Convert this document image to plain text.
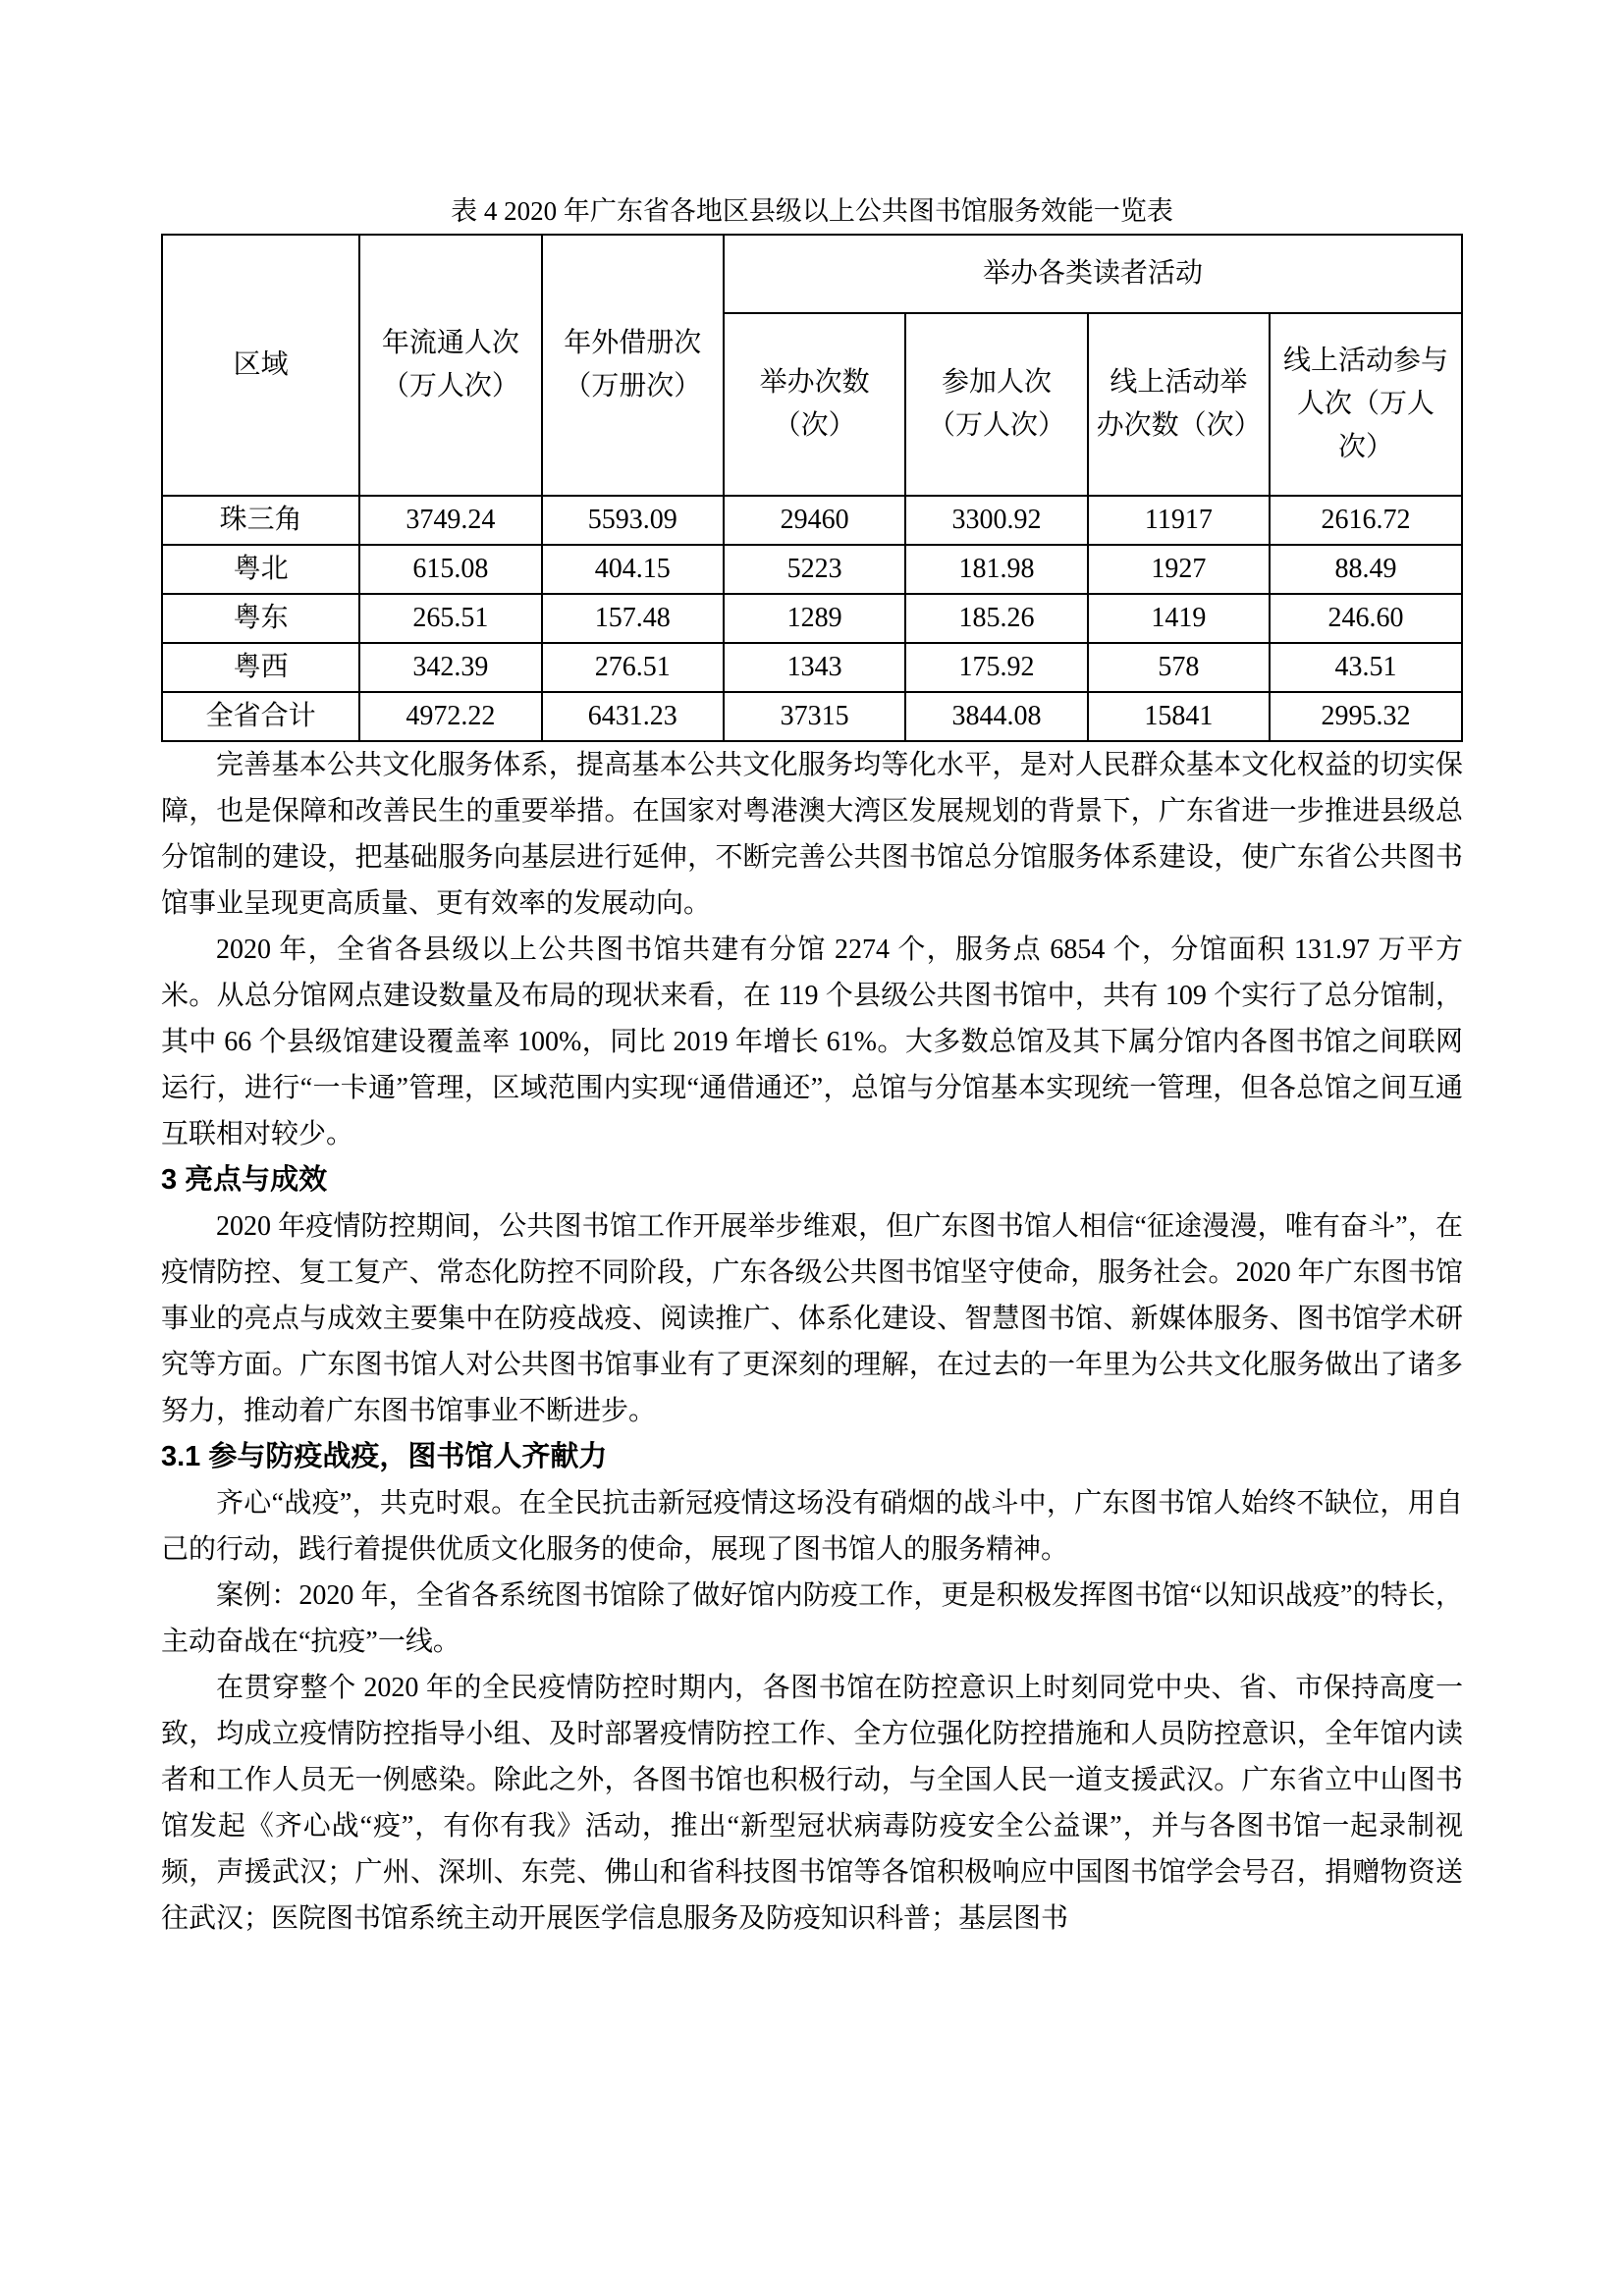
表 4 2020 年广东省各地区县级以上公共图书馆服务效能一览表

区域	年流通人次（万人次）	年外借册次（万册次）	举办各类读者活动			
			举办次数（次）	参加人次（万人次）	线上活动举办次数（次）	线上活动参与人次（万人次）
珠三角	3749.24	5593.09	29460	3300.92	11917	2616.72
粤北	615.08	404.15	5223	181.98	1927	88.49
粤东	265.51	157.48	1289	185.26	1419	246.60
粤西	342.39	276.51	1343	175.92	578	43.51
全省合计	4972.22	6431.23	37315	3844.08	15841	2995.32

完善基本公共文化服务体系，提高基本公共文化服务均等化水平，是对人民群众基本文化权益的切实保障，也是保障和改善民生的重要举措。在国家对粤港澳大湾区发展规划的背景下，广东省进一步推进县级总分馆制的建设，把基础服务向基层进行延伸，不断完善公共图书馆总分馆服务体系建设，使广东省公共图书馆事业呈现更高质量、更有效率的发展动向。

2020 年，全省各县级以上公共图书馆共建有分馆 2274 个，服务点 6854 个，分馆面积 131.97 万平方米。从总分馆网点建设数量及布局的现状来看，在 119 个县级公共图书馆中，共有 109 个实行了总分馆制，其中 66 个县级馆建设覆盖率 100%，同比 2019 年增长 61%。大多数总馆及其下属分馆内各图书馆之间联网运行，进行“一卡通”管理，区域范围内实现“通借通还”，总馆与分馆基本实现统一管理，但各总馆之间互通互联相对较少。

3 亮点与成效

2020 年疫情防控期间，公共图书馆工作开展举步维艰，但广东图书馆人相信“征途漫漫，唯有奋斗”，在疫情防控、复工复产、常态化防控不同阶段，广东各级公共图书馆坚守使命，服务社会。2020 年广东图书馆事业的亮点与成效主要集中在防疫战疫、阅读推广、体系化建设、智慧图书馆、新媒体服务、图书馆学术研究等方面。广东图书馆人对公共图书馆事业有了更深刻的理解，在过去的一年里为公共文化服务做出了诸多努力，推动着广东图书馆事业不断进步。

3.1 参与防疫战疫，图书馆人齐献力

齐心“战疫”，共克时艰。在全民抗击新冠疫情这场没有硝烟的战斗中，广东图书馆人始终不缺位，用自己的行动，践行着提供优质文化服务的使命，展现了图书馆人的服务精神。

案例：2020 年，全省各系统图书馆除了做好馆内防疫工作，更是积极发挥图书馆“以知识战疫”的特长，主动奋战在“抗疫”一线。

在贯穿整个 2020 年的全民疫情防控时期内，各图书馆在防控意识上时刻同党中央、省、市保持高度一致，均成立疫情防控指导小组、及时部署疫情防控工作、全方位强化防控措施和人员防控意识，全年馆内读者和工作人员无一例感染。除此之外，各图书馆也积极行动，与全国人民一道支援武汉。广东省立中山图书馆发起《齐心战“疫”，有你有我》活动，推出“新型冠状病毒防疫安全公益课”，并与各图书馆一起录制视频，声援武汉；广州、深圳、东莞、佛山和省科技图书馆等各馆积极响应中国图书馆学会号召，捐赠物资送往武汉；医院图书馆系统主动开展医学信息服务及防疫知识科普；基层图书
